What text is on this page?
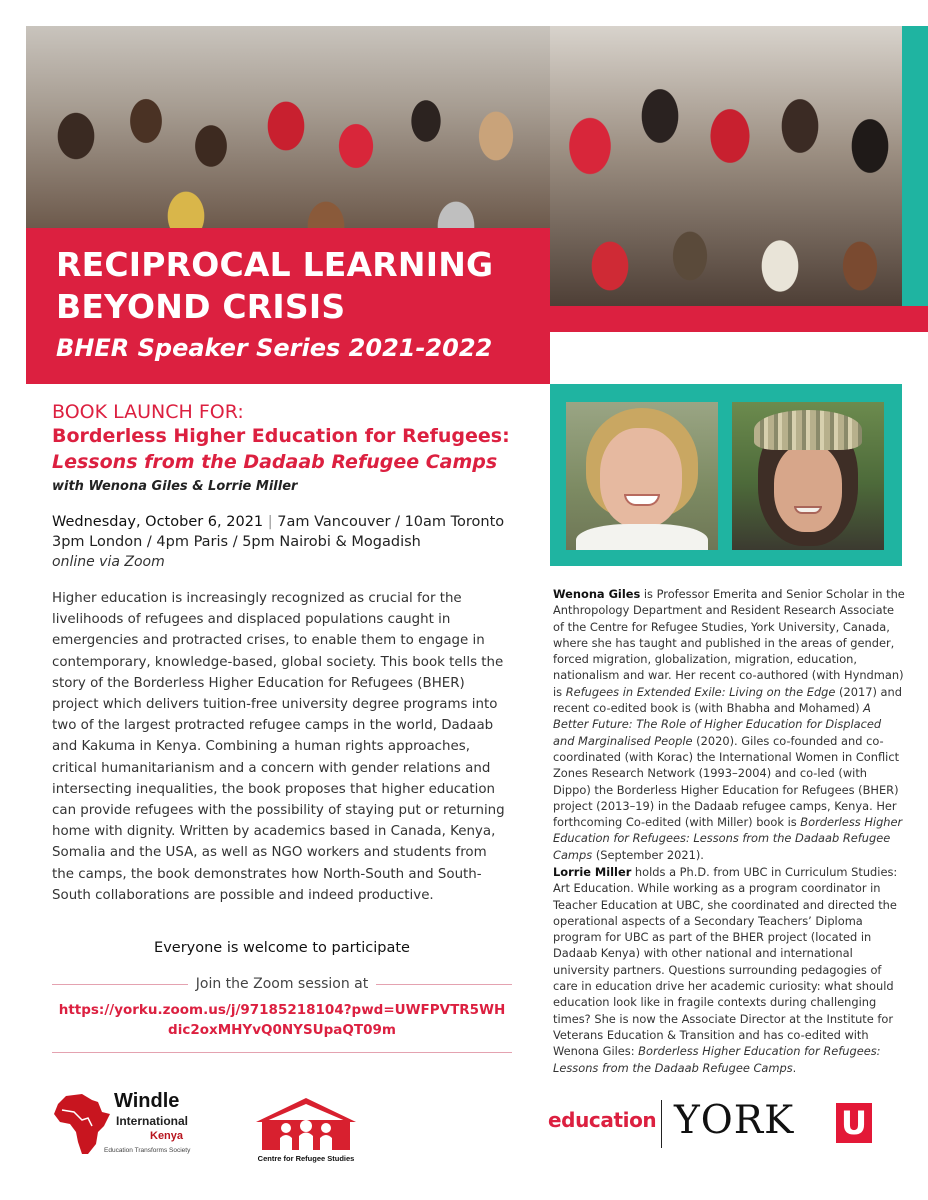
RECIPROCAL LEARNING
BEYOND CRISIS
BHER Speaker Series 2021-2022
BOOK LAUNCH FOR:
Borderless Higher Education for Refugees:
Lessons from the Dadaab Refugee Camps
with Wenona Giles & Lorrie Miller
Wednesday, October 6, 2021 | 7am Vancouver / 10am Toronto
3pm London / 4pm Paris / 5pm Nairobi & Mogadish
online via Zoom
Higher education is increasingly recognized as crucial for the livelihoods of refugees and displaced populations caught in emergencies and protracted crises, to enable them to engage in contemporary, knowledge-based, global society. This book tells the story of the Borderless Higher Education for Refugees (BHER) project which delivers tuition-free university degree programs into two of the largest protracted refugee camps in the world, Dadaab and Kakuma in Kenya. Combining a human rights approaches, critical humanitarianism and a concern with gender relations and intersecting inequalities, the book proposes that higher education can provide refugees with the possibility of staying put or returning home with dignity. Written by academics based in Canada, Kenya, Somalia and the USA, as well as NGO workers and students from the camps, the book demonstrates how North-South and South-South collaborations are possible and indeed productive.
Everyone is welcome to participate
Join the Zoom session at
https://yorku.zoom.us/j/97185218104?pwd=UWFPVTR5WH
dic2oxMHYvQ0NYSUpaQT09m
Wenona Giles is Professor Emerita and Senior Scholar in the Anthropology Department and Resident Research Associate of the Centre for Refugee Studies, York University, Canada, where she has taught and published in the areas of gender, forced migration, globalization, migration, education, nationalism and war. Her recent co-authored (with Hyndman) is Refugees in Extended Exile: Living on the Edge (2017) and recent co-edited book is (with Bhabha and Mohamed) A Better Future: The Role of Higher Education for Displaced and Marginalised People (2020). Giles co-founded and co-coordinated (with Korac) the International Women in Conflict Zones Research Network (1993–2004) and co-led (with Dippo) the Borderless Higher Education for Refugees (BHER) project (2013–19) in the Dadaab refugee camps, Kenya. Her forthcoming Co-edited (with Miller) book is Borderless Higher Education for Refugees: Lessons from the Dadaab Refugee Camps (September 2021).
Lorrie Miller holds a Ph.D. from UBC in Curriculum Studies: Art Education. While working as a program coordinator in Teacher Education at UBC, she coordinated and directed the operational aspects of a Secondary Teachers’ Diploma program for UBC as part of the BHER project (located in Dadaab Kenya) with other national and international university partners. Questions surrounding pedagogies of care in education drive her academic curiosity: what should education look like in fragile contexts during challenging times? She is now the Associate Director at the Institute for Veterans Education & Transition and has co-edited with Wenona Giles: Borderless Higher Education for Refugees: Lessons from the Dadaab Refugee Camps.
Windle
International
Kenya
Education Transforms Society
Centre for Refugee Studies
education YORK U
